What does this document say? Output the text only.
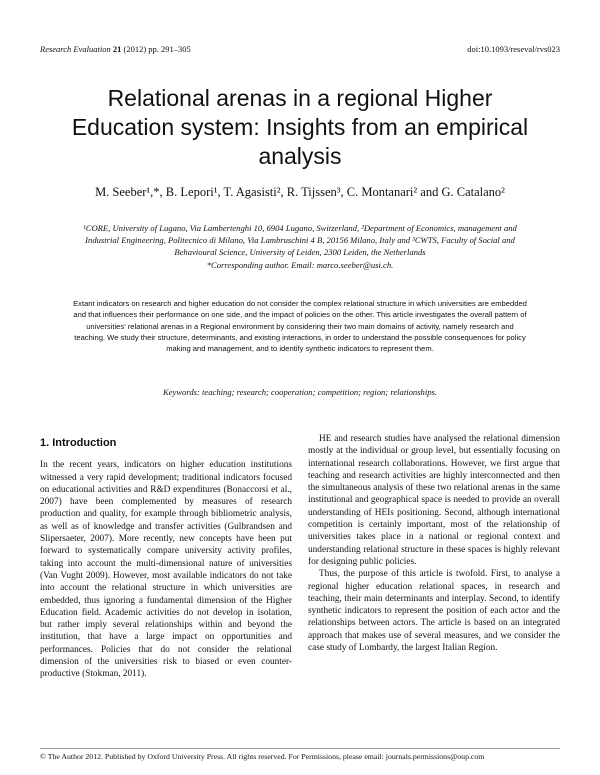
Research Evaluation 21 (2012) pp. 291–305	doi:10.1093/reseval/rvs023
Relational arenas in a regional Higher Education system: Insights from an empirical analysis
M. Seeber¹,*, B. Lepori¹, T. Agasisti², R. Tijssen³, C. Montanari² and G. Catalano²
¹CORE, University of Lugano, Via Lambertenghi 10, 6904 Lugano, Switzerland, ²Department of Economics, management and Industrial Engineering, Politecnico di Milano, Via Lambruschini 4 B, 20156 Milano, Italy and ³CWTS, Faculty of Social and Behavioural Science, University of Leiden, 2300 Leiden, the Netherlands
*Corresponding author. Email: marco.seeber@usi.ch.
Extant indicators on research and higher education do not consider the complex relational structure in which universities are embedded and that influences their performance on one side, and the impact of policies on the other. This article investigates the overall pattern of universities’ relational arenas in a Regional environment by considering their two main domains of activity, namely research and teaching. We study their structure, determinants, and existing interactions, in order to understand the possible consequences for policy making and management, and to identify synthetic indicators to represent them.
Keywords: teaching; research; cooperation; competition; region; relationships.
1. Introduction

In the recent years, indicators on higher education institutions witnessed a very rapid development; traditional indicators focused on educational activities and R&D expenditures (Bonaccorsi et al., 2007) have been complemented by measures of research production and quality, for example through bibliometric analysis, as well as of knowledge and transfer activities (Gulbrandsen and Slipersaeter, 2007). More recently, new concepts have been put forward to systematically compare university activity profiles, taking into account the multi-dimensional nature of universities (Van Vught 2009). However, most available indicators do not take into account the relational structure in which universities are embedded, thus ignoring a fundamental dimension of the Higher Education field. Academic activities do not develop in isolation, but rather imply several relationships within and beyond the institution, that have a large impact on opportunities and performances. Policies that do not consider the relational dimension of the universities risk to biased or even counter-productive (Stokman, 2011).

HE and research studies have analysed the relational dimension mostly at the individual or group level, but essentially focusing on international research collaborations. However, we first argue that teaching and research activities are highly interconnected and then the simultaneous analysis of these two relational arenas in the same institutional and geographical space is needed to provide an overall understanding of HEIs positioning. Second, although international competition is certainly important, most of the relationship of universities takes place in a national or regional context and understanding relational structure in these spaces is highly relevant for designing public policies.

Thus, the purpose of this article is twofold. First, to analyse a regional higher education relational spaces, in research and teaching, their main determinants and interplay. Second, to identify synthetic indicators to represent the position of each actor and the relationships between actors. The article is based on an integrated approach that makes use of several measures, and we consider the case study of Lombardy, the largest Italian Region.

© The Author 2012. Published by Oxford University Press. All rights reserved. For Permissions, please email: journals.permissions@oup.com
